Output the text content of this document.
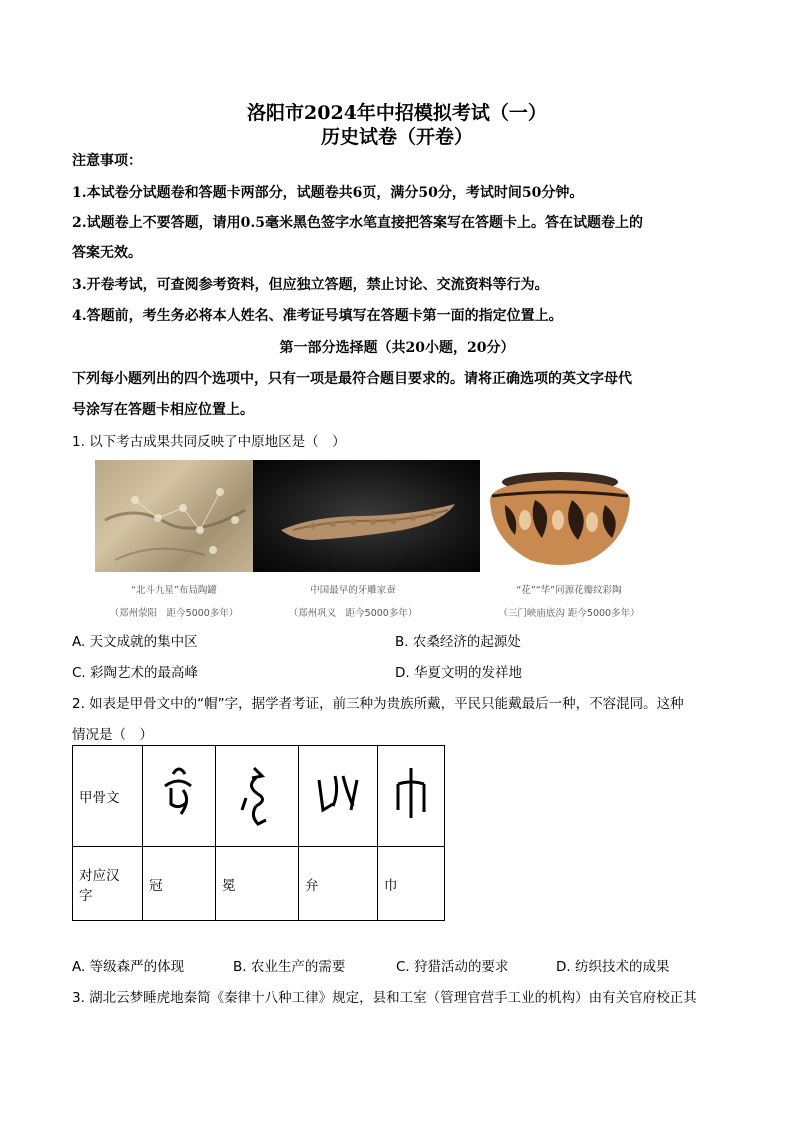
洛阳市2024年中招模拟考试（一）
历史试卷（开卷）
注意事项：
1.本试卷分试题卷和答题卡两部分，试题卷共6页，满分50分，考试时间50分钟。
2.试题卷上不要答题，请用0.5毫米黑色签字水笔直接把答案写在答题卡上。答在试题卷上的
答案无效。
3.开卷考试，可查阅参考资料，但应独立答题，禁止讨论、交流资料等行为。
4.答题前，考生务必将本人姓名、准考证号填写在答题卡第一面的指定位置上。
第一部分选择题（共20小题，20分）
下列每小题列出的四个选项中，只有一项是最符合题目要求的。请将正确选项的英文字母代
号涂写在答题卡相应位置上。
1. 以下考古成果共同反映了中原地区是（　）
“北斗九星”布局陶罐
（郑州荥阳　距今5000多年）
中国最早的牙雕家蚕
（郑州巩义　距今5000多年）
“花”“华”同源花瓣纹彩陶
（三门峡庙底沟 距今5000多年）
A. 天文成就的集中区	B. 农桑经济的起源处
C. 彩陶艺术的最高峰	D. 华夏文明的发祥地
2. 如表是甲骨文中的“帽”字，据学者考证，前三种为贵族所戴，平民只能戴最后一种，不容混同。这种
情况是（　）
甲骨文				
对应汉
字	冠	冕	弁	巾
A. 等级森严的体现	B. 农业生产的需要	C. 狩猎活动的要求	D. 纺织技术的成果
3. 湖北云梦睡虎地秦简《秦律十八种工律》规定，县和工室（管理官营手工业的机构）由有关官府校正其
